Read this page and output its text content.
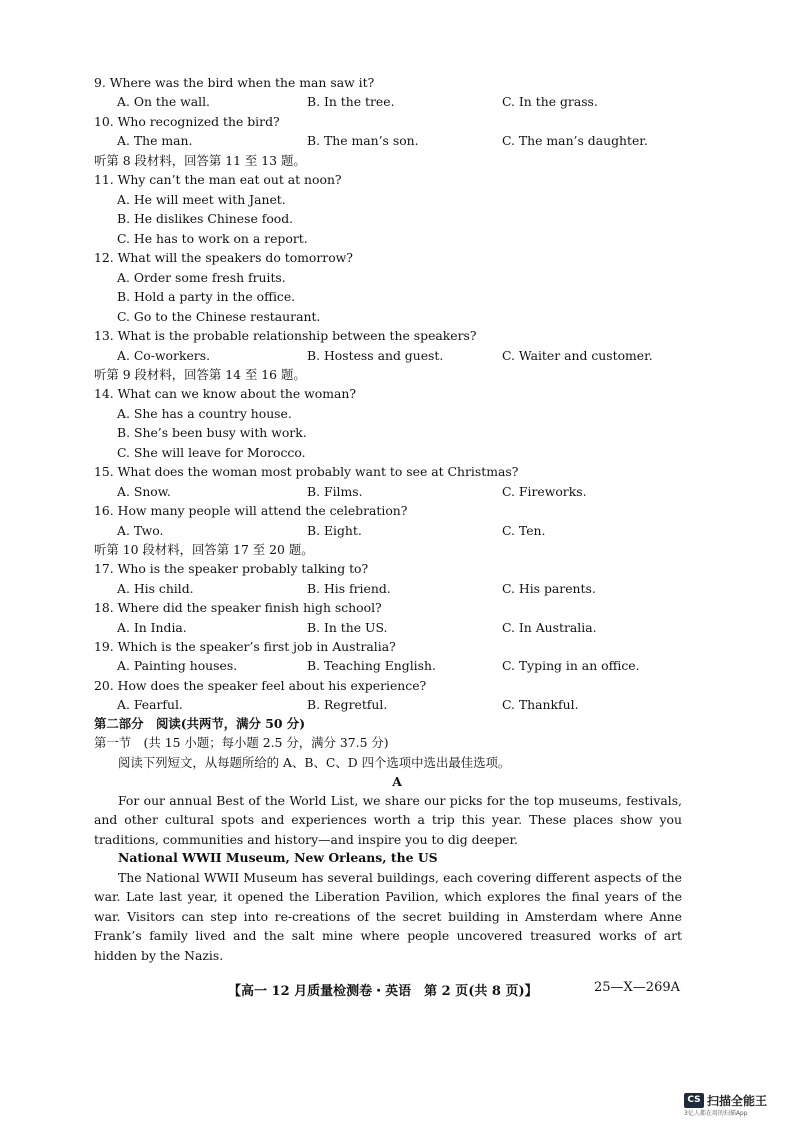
9. Where was the bird when the man saw it?
A. On the wall.	B. In the tree.	C. In the grass.
10. Who recognized the bird?
A. The man.	B. The man’s son.	C. The man’s daughter.
听第 8 段材料，回答第 11 至 13 题。
11. Why can’t the man eat out at noon?
A. He will meet with Janet.
B. He dislikes Chinese food.
C. He has to work on a report.
12. What will the speakers do tomorrow?
A. Order some fresh fruits.
B. Hold a party in the office.
C. Go to the Chinese restaurant.
13. What is the probable relationship between the speakers?
A. Co-workers.	B. Hostess and guest.	C. Waiter and customer.
听第 9 段材料，回答第 14 至 16 题。
14. What can we know about the woman?
A. She has a country house.
B. She’s been busy with work.
C. She will leave for Morocco.
15. What does the woman most probably want to see at Christmas?
A. Snow.	B. Films.	C. Fireworks.
16. How many people will attend the celebration?
A. Two.	B. Eight.	C. Ten.
听第 10 段材料，回答第 17 至 20 题。
17. Who is the speaker probably talking to?
A. His child.	B. His friend.	C. His parents.
18. Where did the speaker finish high school?
A. In India.	B. In the US.	C. In Australia.
19. Which is the speaker’s first job in Australia?
A. Painting houses.	B. Teaching English.	C. Typing in an office.
20. How does the speaker feel about his experience?
A. Fearful.	B. Regretful.	C. Thankful.
第二部分　阅读(共两节，满分 50 分)
第一节　(共 15 小题；每小题 2.5 分，满分 37.5 分)
阅读下列短文，从每题所给的 A、B、C、D 四个选项中选出最佳选项。
A
For our annual Best of the World List, we share our picks for the top museums, festivals, and other cultural spots and experiences worth a trip this year. These places show you traditions, communities and history—and inspire you to dig deeper.
National WWII Museum, New Orleans, the US
The National WWII Museum has several buildings, each covering different aspects of the war. Late last year, it opened the Liberation Pavilion, which explores the final years of the war. Visitors can step into re-creations of the secret building in Amsterdam where Anne Frank’s family lived and the salt mine where people uncovered treasured works of art hidden by the Nazis.
【高一 12 月质量检测卷・英语　第 2 页(共 8 页)】	25—X—269A
CS 扫描全能王
3亿人都在用的扫描App
